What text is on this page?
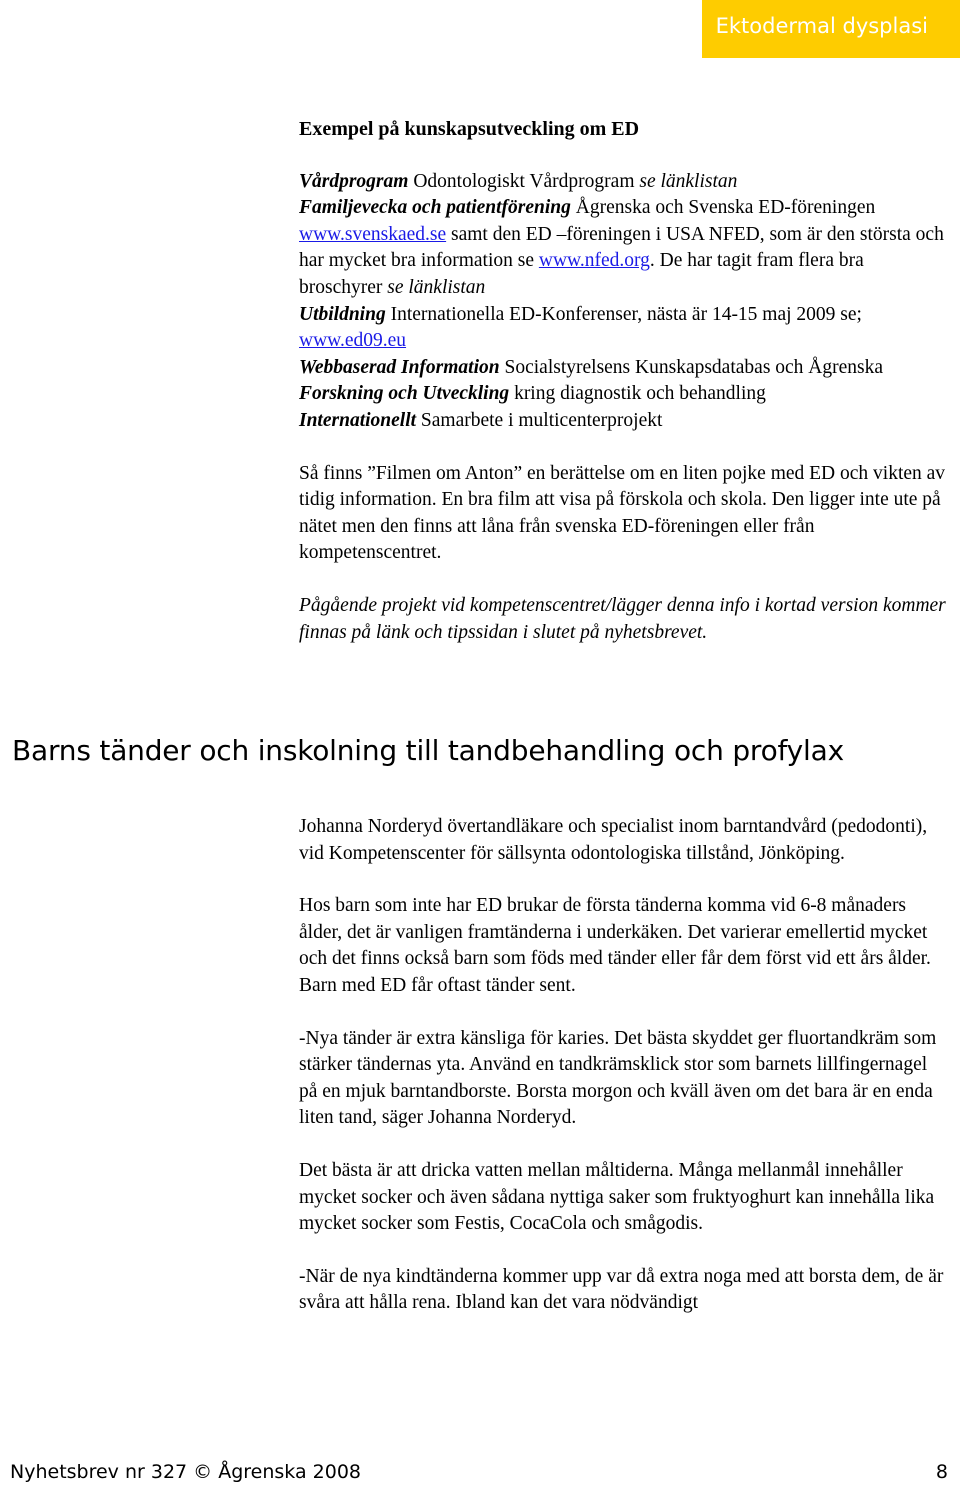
Ektodermal dysplasi

Exempel på kunskapsutveckling om ED

Vårdprogram Odontologiskt Vårdprogram se länklistan

Familjevecka och patientförening Ågrenska och Svenska ED-föreningen www.svenskaed.se samt den ED –föreningen i USA NFED, som är den största och har mycket bra information se www.nfed.org. De har tagit fram flera bra broschyrer se länklistan

Utbildning Internationella ED-Konferenser, nästa är 14-15 maj 2009 se; www.ed09.eu

Webbaserad Information Socialstyrelsens Kunskapsdatabas och Ågrenska

Forskning och Utveckling kring diagnostik och behandling

Internationellt Samarbete i multicenterprojekt

Så finns ”Filmen om Anton” en berättelse om en liten pojke med ED och vikten av tidig information. En bra film att visa på förskola och skola. Den ligger inte ute på nätet men den finns att låna från svenska ED-föreningen eller från kompetenscentret.

Pågående projekt vid kompetenscentret/lägger denna info i kortad version kommer finnas på länk och tipssidan i slutet på nyhetsbrevet.

Barns tänder och inskolning till tandbehandling och profylax

Johanna Norderyd övertandläkare och specialist inom barntandvård (pedodonti), vid Kompetenscenter för sällsynta odontologiska tillstånd, Jönköping.

Hos barn som inte har ED brukar de första tänderna komma vid 6-8 månaders ålder, det är vanligen framtänderna i underkäken. Det varierar emellertid mycket och det finns också barn som föds med tänder eller får dem först vid ett års ålder. Barn med ED får oftast tänder sent.

-Nya tänder är extra känsliga för karies. Det bästa skyddet ger fluortandkräm som stärker tändernas yta. Använd en tandkrämsklick stor som barnets lillfingernagel på en mjuk barntandborste. Borsta morgon och kväll även om det bara är en enda liten tand, säger Johanna Norderyd.

Det bästa är att dricka vatten mellan måltiderna. Många mellanmål innehåller mycket socker och även sådana nyttiga saker som fruktyoghurt kan innehålla lika mycket socker som Festis, CocaCola och smågodis.

-När de nya kindtänderna kommer upp var då extra noga med att borsta dem, de är svåra att hålla rena. Ibland kan det vara nödvändigt

Nyhetsbrev nr 327 © Ågrenska 2008	8
